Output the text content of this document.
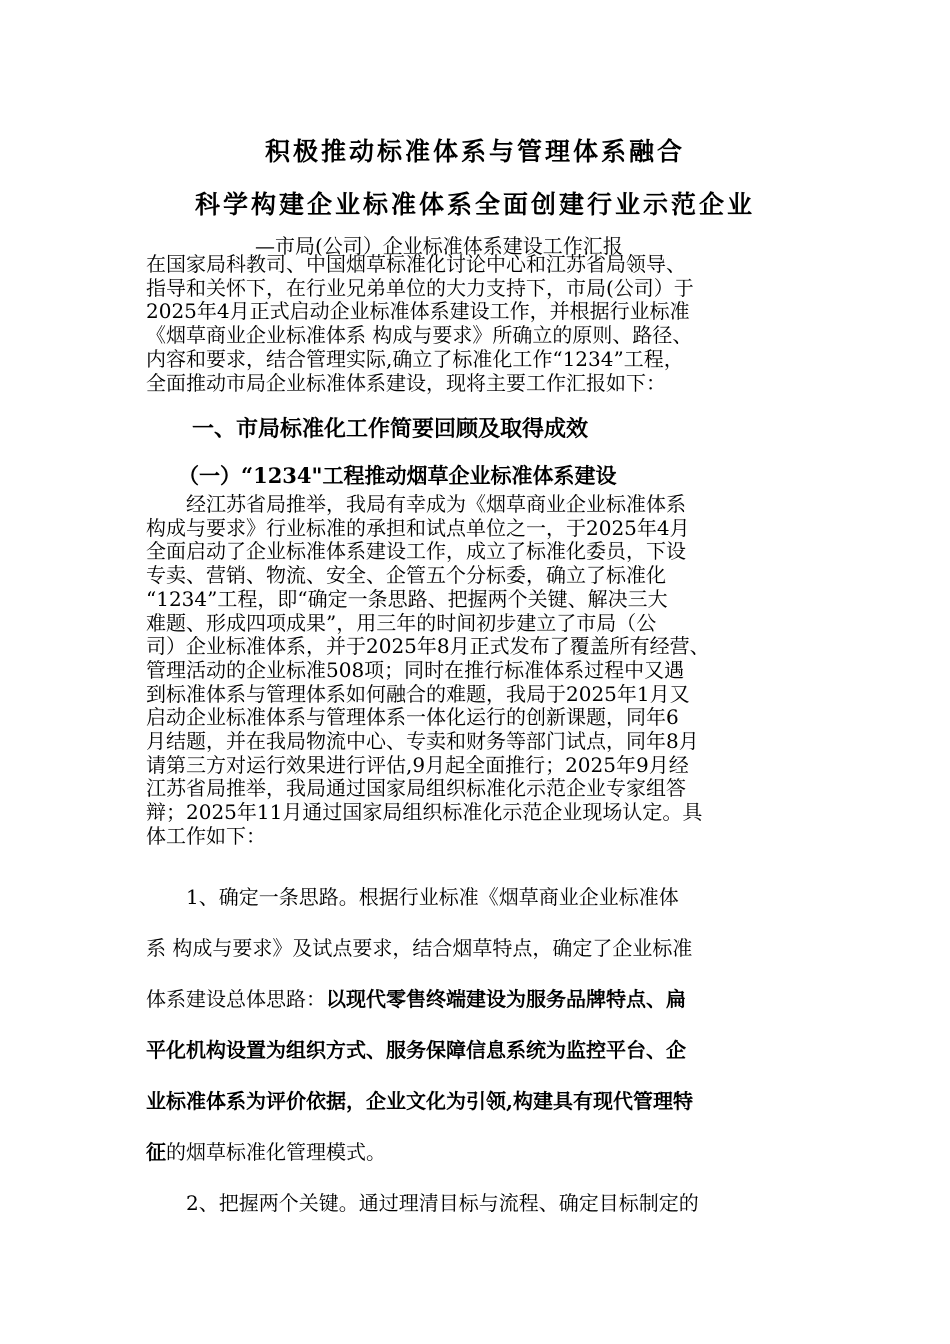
积极推动标准体系与管理体系融合
科学构建企业标准体系全面创建行业示范企业
—市局(公司）企业标准体系建设工作汇报
在国家局科教司、中国烟草标准化讨论中心和江苏省局领导、
指导和关怀下，在行业兄弟单位的大力支持下，市局(公司）于
2025年4月正式启动企业标准体系建设工作，并根据行业标准
《烟草商业企业标准体系 构成与要求》所确立的原则、路径、
内容和要求，结合管理实际,确立了标准化工作“1234”工程，
全面推动市局企业标准体系建设，现将主要工作汇报如下：
一、市局标准化工作简要回顾及取得成效
（一）“1234"工程推动烟草企业标准体系建设
　　经江苏省局推举，我局有幸成为《烟草商业企业标准体系
构成与要求》行业标准的承担和试点单位之一，于2025年4月
全面启动了企业标准体系建设工作，成立了标准化委员，下设
专卖、营销、物流、安全、企管五个分标委，确立了标准化
“1234”工程，即“确定一条思路、把握两个关键、解决三大
难题、形成四项成果”，用三年的时间初步建立了市局（公
司）企业标准体系，并于2025年8月正式发布了覆盖所有经营、
管理活动的企业标准508项；同时在推行标准体系过程中又遇
到标准体系与管理体系如何融合的难题，我局于2025年1月又
启动企业标准体系与管理体系一体化运行的创新课题，同年6
月结题，并在我局物流中心、专卖和财务等部门试点，同年8月
请第三方对运行效果进行评估,9月起全面推行；2025年9月经
江苏省局推举，我局通过国家局组织标准化示范企业专家组答
辩；2025年11月通过国家局组织标准化示范企业现场认定。具
体工作如下：
　　1、确定一条思路。根据行业标准《烟草商业企业标准体
系 构成与要求》及试点要求，结合烟草特点，确定了企业标准
体系建设总体思路：以现代零售终端建设为服务品牌特点、扁
平化机构设置为组织方式、服务保障信息系统为监控平台、企
业标准体系为评价依据，企业文化为引领,构建具有现代管理特
征的烟草标准化管理模式。
　　2、把握两个关键。通过理清目标与流程、确定目标制定的
